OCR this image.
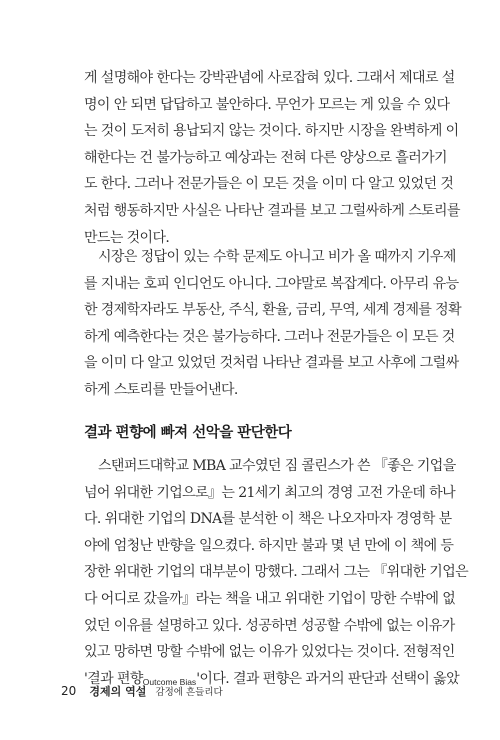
게 설명해야 한다는 강박관념에 사로잡혀 있다. 그래서 제대로 설
명이 안 되면 답답하고 불안하다. 무언가 모르는 게 있을 수 있다
는 것이 도저히 용납되지 않는 것이다. 하지만 시장을 완벽하게 이
해한다는 건 불가능하고 예상과는 전혀 다른 양상으로 흘러가기
도 한다. 그러나 전문가들은 이 모든 것을 이미 다 알고 있었던 것
처럼 행동하지만 사실은 나타난 결과를 보고 그럴싸하게 스토리를
만드는 것이다.
시장은 정답이 있는 수학 문제도 아니고 비가 올 때까지 기우제
를 지내는 호피 인디언도 아니다. 그야말로 복잡계다. 아무리 유능
한 경제학자라도 부동산, 주식, 환율, 금리, 무역, 세계 경제를 정확
하게 예측한다는 것은 불가능하다. 그러나 전문가들은 이 모든 것
을 이미 다 알고 있었던 것처럼 나타난 결과를 보고 사후에 그럴싸
하게 스토리를 만들어낸다.
결과 편향에 빠져 선악을 판단한다
스탠퍼드대학교 MBA 교수였던 짐 콜린스가 쓴 『좋은 기업을
넘어 위대한 기업으로』는 21세기 최고의 경영 고전 가운데 하나
다. 위대한 기업의 DNA를 분석한 이 책은 나오자마자 경영학 분
야에 엄청난 반향을 일으켰다. 하지만 불과 몇 년 만에 이 책에 등
장한 위대한 기업의 대부분이 망했다. 그래서 그는 『위대한 기업은
다 어디로 갔을까』라는 책을 내고 위대한 기업이 망한 수밖에 없
었던 이유를 설명하고 있다. 성공하면 성공할 수밖에 없는 이유가
있고 망하면 망할 수밖에 없는 이유가 있었다는 것이다. 전형적인
'결과 편향$_{Outcome Bias}$'이다. 결과 편향은 과거의 판단과 선택이 옳았
20 경제의 역설 감정에 흔들리다
